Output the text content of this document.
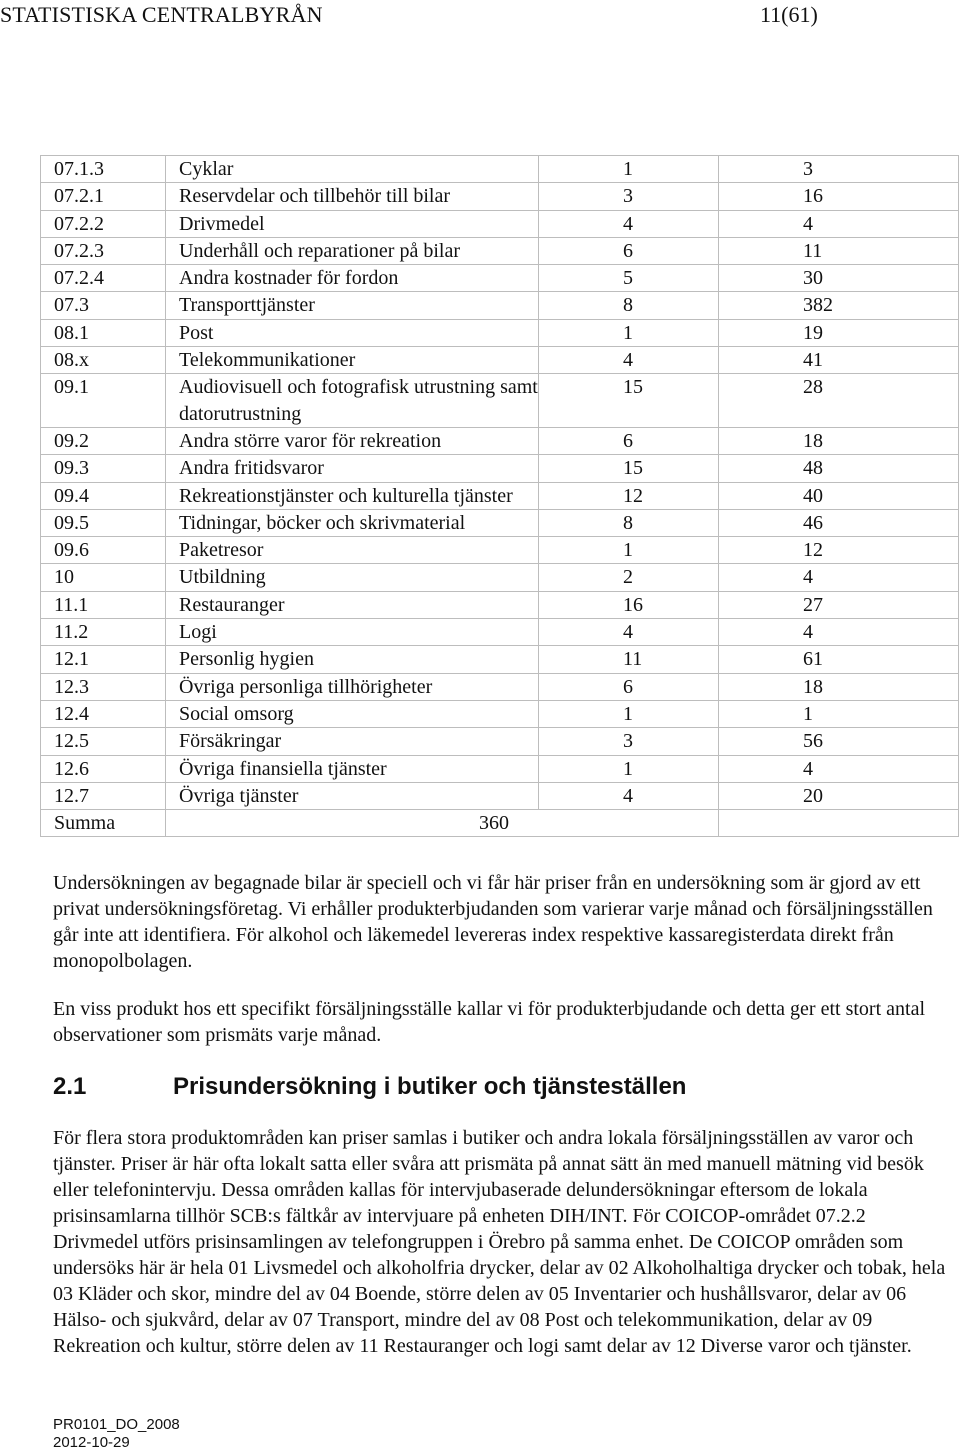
STATISTISKA CENTRALBYRÅN	11(61)
07.1.3	Cyklar	1	3
07.2.1	Reservdelar och tillbehör till bilar	3	16
07.2.2	Drivmedel	4	4
07.2.3	Underhåll och reparationer på bilar	6	11
07.2.4	Andra kostnader för fordon	5	30
07.3	Transporttjänster	8	382
08.1	Post	1	19
08.x	Telekommunikationer	4	41
09.1	Audiovisuell och fotografisk utrustning samt datorutrustning	15	28
09.2	Andra större varor för rekreation	6	18
09.3	Andra fritidsvaror	15	48
09.4	Rekreationstjänster och kulturella tjänster	12	40
09.5	Tidningar, böcker och skrivmaterial	8	46
09.6	Paketresor	1	12
10	Utbildning	2	4
11.1	Restauranger	16	27
11.2	Logi	4	4
12.1	Personlig hygien	11	61
12.3	Övriga personliga tillhörigheter	6	18
12.4	Social omsorg	1	1
12.5	Försäkringar	3	56
12.6	Övriga finansiella tjänster	1	4
12.7	Övriga tjänster	4	20
Summa	360		
Undersökningen av begagnade bilar är speciell och vi får här priser från en undersökning som är gjord av ett privat undersökningsföretag. Vi erhåller produkterbjudanden som varierar varje månad och försäljningsställen går inte att identifiera. För alkohol och läkemedel levereras index respektive kassaregisterdata direkt från monopolbolagen.
En viss produkt hos ett specifikt försäljningsställe kallar vi för produkterbjudande och detta ger ett stort antal observationer som prismäts varje månad.
2.1	Prisundersökning i butiker och tjänsteställen
För flera stora produktområden kan priser samlas i butiker och andra lokala försäljningsställen av varor och tjänster. Priser är här ofta lokalt satta eller svåra att prismäta på annat sätt än med manuell mätning vid besök eller telefonintervju. Dessa områden kallas för intervjubaserade delundersökningar eftersom de lokala prisinsamlarna tillhör SCB:s fältkår av intervjuare på enheten DIH/INT. För COICOP-området 07.2.2 Drivmedel utförs prisinsamlingen av telefongruppen i Örebro på samma enhet. De COICOP områden som undersöks här är hela 01 Livsmedel och alkoholfria drycker, delar av 02 Alkoholhaltiga drycker och tobak, hela 03 Kläder och skor, mindre del av 04 Boende, större delen av 05 Inventarier och hushållsvaror, delar av 06 Hälso- och sjukvård, delar av 07 Transport, mindre del av 08 Post och telekommunikation, delar av 09 Rekreation och kultur, större delen av 11 Restauranger och logi samt delar av 12 Diverse varor och tjänster.
PR0101_DO_2008
2012-10-29
